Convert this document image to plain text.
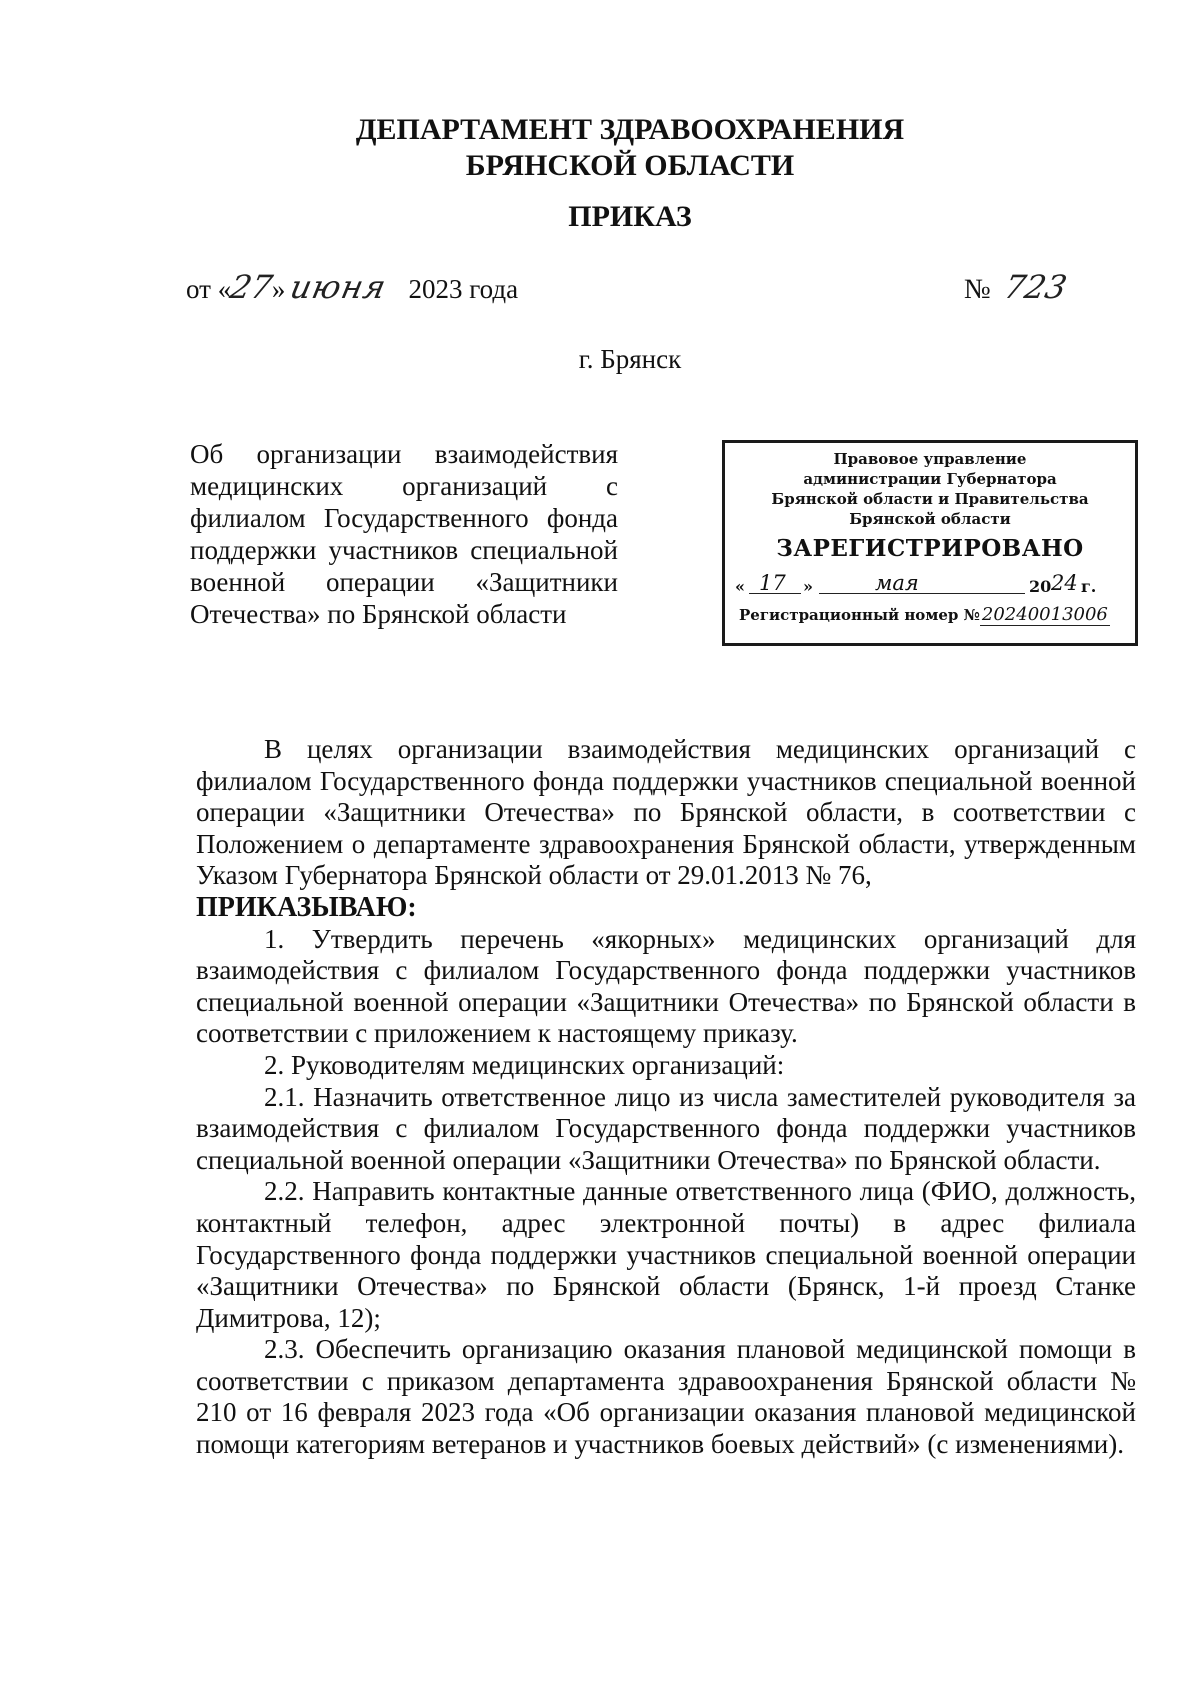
ДЕПАРТАМЕНТ ЗДРАВООХРАНЕНИЯ
БРЯНСКОЙ ОБЛАСТИ
ПРИКАЗ
от «27»июня 2023 года	№ 723
г. Брянск
Об организации взаимодействия медицинских организаций с филиалом Государственного фонда поддержки участников специальной военной операции «Защитники Отечества» по Брянской области
Правовое управление
администрации Губернатора
Брянской области и Правительства
Брянской области
ЗАРЕГИСТРИРОВАНО
« 17 »	мая	20 24 г.
Регистрационный номер № 20240013006

В целях организации взаимодействия медицинских организаций с филиалом Государственного фонда поддержки участников специальной военной операции «Защитники Отечества» по Брянской области, в соответствии с Положением о департаменте здравоохранения Брянской области, утвержденным Указом Губернатора Брянской области от 29.01.2013 № 76,

ПРИКАЗЫВАЮ:

1. Утвердить перечень «якорных» медицинских организаций для взаимодействия с филиалом Государственного фонда поддержки участников специальной военной операции «Защитники Отечества» по Брянской области в соответствии с приложением к настоящему приказу.

2. Руководителям медицинских организаций:

2.1. Назначить ответственное лицо из числа заместителей руководителя за взаимодействия с филиалом Государственного фонда поддержки участников специальной военной операции «Защитники Отечества» по Брянской области.

2.2. Направить контактные данные ответственного лица (ФИО, должность, контактный телефон, адрес электронной почты) в адрес филиала Государственного фонда поддержки участников специальной военной операции «Защитники Отечества» по Брянской области (Брянск, 1-й проезд Станке Димитрова, 12);

2.3. Обеспечить организацию оказания плановой медицинской помощи в соответствии с приказом департамента здравоохранения Брянской области № 210 от 16 февраля 2023 года «Об организации оказания плановой медицинской помощи категориям ветеранов и участников боевых действий» (с изменениями).
